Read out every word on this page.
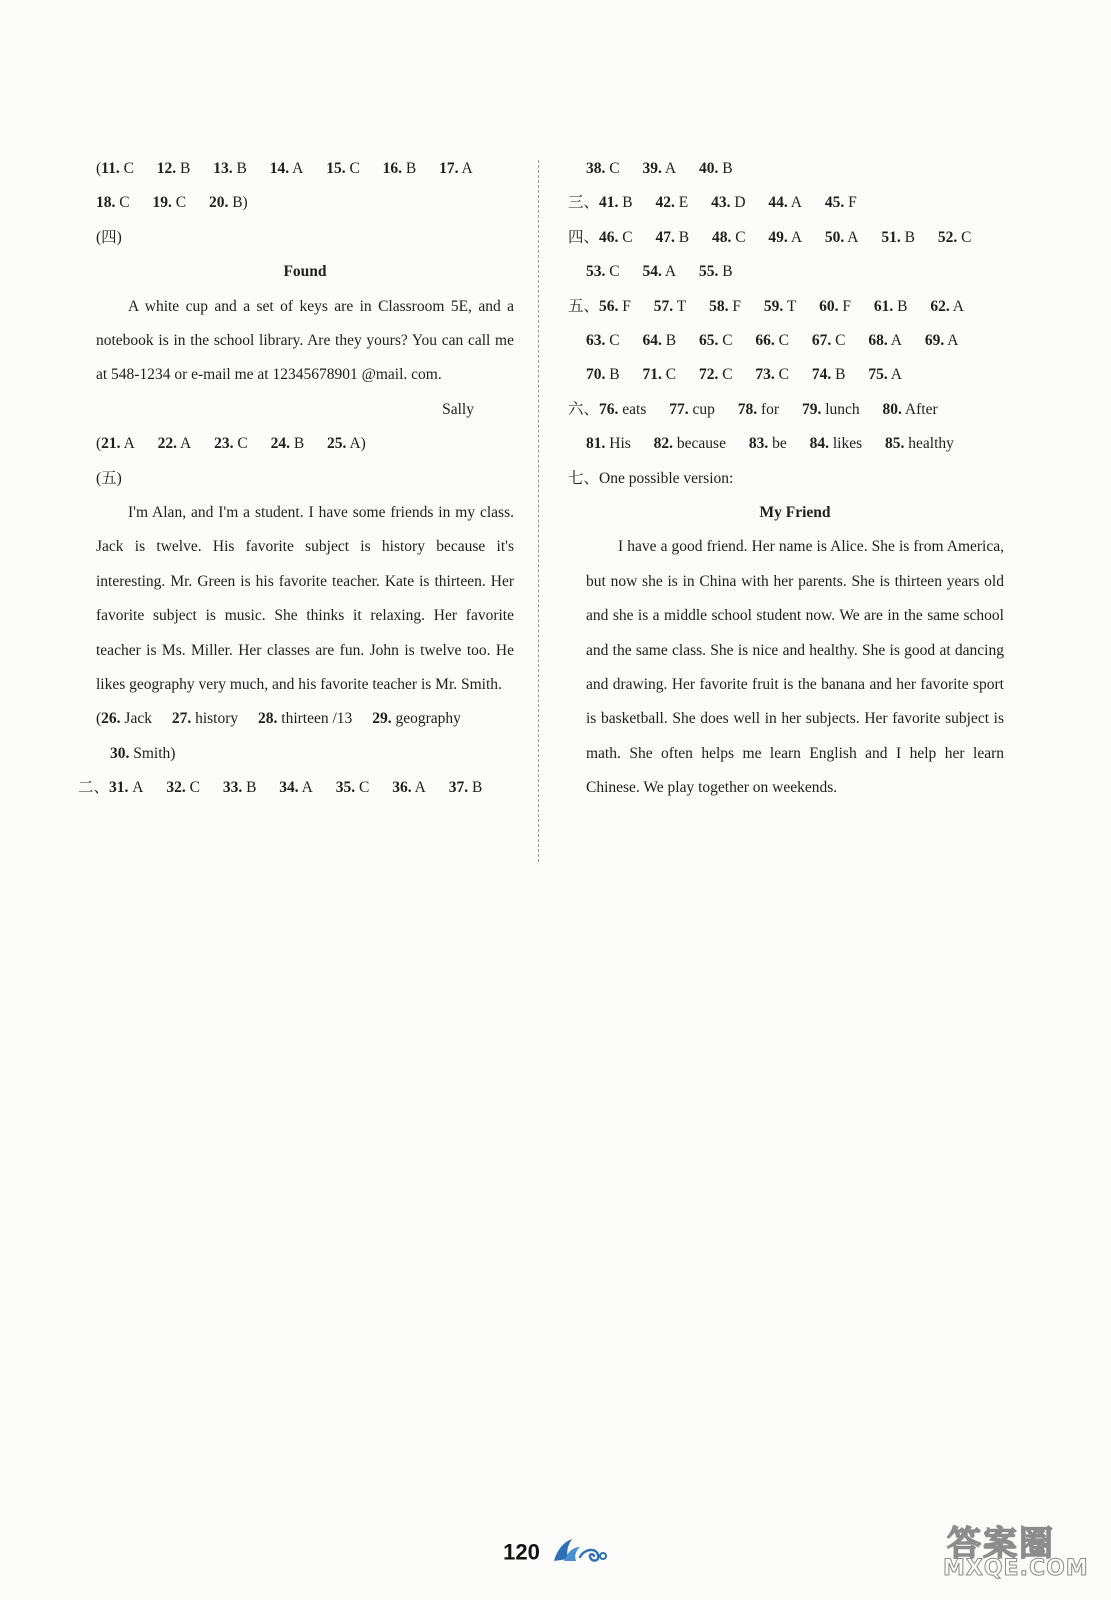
(11. C 12. B 13. B 14. A 15. C 16. B 17. A
18. C 19. C 20. B)
(四)
Found

A white cup and a set of keys are in Classroom 5E, and a notebook is in the school library. Are they yours? You can call me at 548-1234 or e-mail me at 12345678901 @mail. com.

Sally
(21. A 22. A 23. C 24. B 25. A)
(五)

I'm Alan, and I'm a student. I have some friends in my class. Jack is twelve. His favorite subject is history because it's interesting. Mr. Green is his favorite teacher. Kate is thirteen. Her favorite subject is music. She thinks it relaxing. Her favorite teacher is Ms. Miller. Her classes are fun. John is twelve too. He likes geography very much, and his favorite teacher is Mr. Smith.

(26. Jack 27. history 28. thirteen /13 29. geography
30. Smith)
二、31. A 32. C 33. B 34. A 35. C 36. A 37. B
38. C 39. A 40. B
三、41. B 42. E 43. D 44. A 45. F
四、46. C 47. B 48. C 49. A 50. A 51. B 52. C
53. C 54. A 55. B
五、56. F 57. T 58. F 59. T 60. F 61. B 62. A
63. C 64. B 65. C 66. C 67. C 68. A 69. A
70. B 71. C 72. C 73. C 74. B 75. A
六、76. eats 77. cup 78. for 79. lunch 80. After
81. His 82. because 83. be 84. likes 85. healthy
七、One possible version:
My Friend

I have a good friend. Her name is Alice. She is from America, but now she is in China with her parents. She is thirteen years old and she is a middle school student now. We are in the same school and the same class. She is nice and healthy. She is good at dancing and drawing. Her favorite fruit is the banana and her favorite sport is basketball. She does well in her subjects. Her favorite subject is math. She often helps me learn English and I help her learn Chinese. We play together on weekends.

120	答案圈
MXQE.COM
